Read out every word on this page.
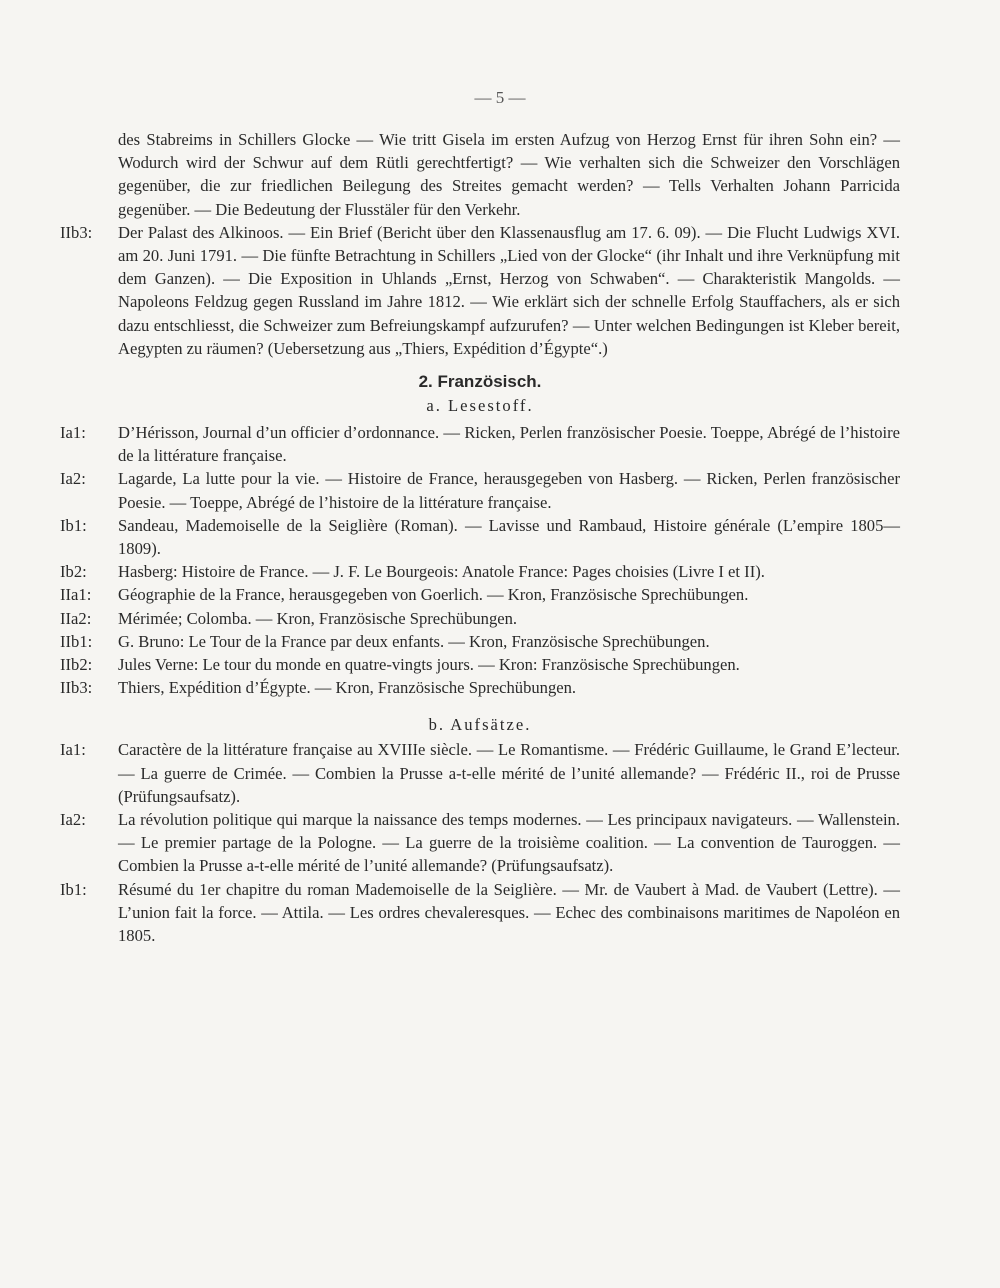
— 5 —
des Stabreims in Schillers Glocke — Wie tritt Gisela im ersten Aufzug von Herzog Ernst für ihren Sohn ein? — Wodurch wird der Schwur auf dem Rütli gerechtfertigt? — Wie verhalten sich die Schweizer den Vorschlägen gegenüber, die zur friedlichen Beilegung des Streites gemacht werden? — Tells Verhalten Johann Parricida gegenüber. — Die Bedeutung der Flusstäler für den Verkehr.
IIb3:	Der Palast des Alkinoos. — Ein Brief (Bericht über den Klassenausflug am 17. 6. 09). — Die Flucht Ludwigs XVI. am 20. Juni 1791. — Die fünfte Betrachtung in Schillers „Lied von der Glocke“ (ihr Inhalt und ihre Verknüpfung mit dem Ganzen). — Die Exposition in Uhlands „Ernst, Herzog von Schwaben“. — Charakteristik Mangolds. — Napoleons Feldzug gegen Russland im Jahre 1812. — Wie erklärt sich der schnelle Erfolg Stauffachers, als er sich dazu entschliesst, die Schweizer zum Befreiungskampf aufzurufen? — Unter welchen Bedingungen ist Kleber bereit, Aegypten zu räumen? (Uebersetzung aus „Thiers, Expédition d’Égypte“.)
2. Französisch.
a. Lesestoff.
Ia1:	D’Hérisson, Journal d’un officier d’ordonnance. — Ricken, Perlen französischer Poesie. Toeppe, Abrégé de l’histoire de la littérature française.
Ia2:	Lagarde, La lutte pour la vie. — Histoire de France, herausgegeben von Hasberg. — Ricken, Perlen französischer Poesie. — Toeppe, Abrégé de l’histoire de la littérature française.
Ib1:	Sandeau, Mademoiselle de la Seiglière (Roman). — Lavisse und Rambaud, Histoire générale (L’empire 1805—1809).
Ib2:	Hasberg: Histoire de France. — J. F. Le Bourgeois: Anatole France: Pages choisies (Livre I et II).
IIa1:	Géographie de la France, herausgegeben von Goerlich. — Kron, Französische Sprechübungen.
IIa2:	Mérimée; Colomba. — Kron, Französische Sprechübungen.
IIb1:	G. Bruno: Le Tour de la France par deux enfants. — Kron, Französische Sprechübungen.
IIb2:	Jules Verne: Le tour du monde en quatre-vingts jours. — Kron: Französische Sprechübungen.
IIb3:	Thiers, Expédition d’Égypte. — Kron, Französische Sprechübungen.
b. Aufsätze.
Ia1:	Caractère de la littérature française au XVIIIe siècle. — Le Romantisme. — Frédéric Guillaume, le Grand E’lecteur. — La guerre de Crimée. — Combien la Prusse a-t-elle mérité de l’unité allemande? — Frédéric II., roi de Prusse (Prüfungsaufsatz).
Ia2:	La révolution politique qui marque la naissance des temps modernes. — Les principaux navigateurs. — Wallenstein. — Le premier partage de la Pologne. — La guerre de la troisième coalition. — La convention de Tauroggen. — Combien la Prusse a-t-elle mérité de l’unité allemande? (Prüfungsaufsatz).
Ib1:	Résumé du 1er chapitre du roman Mademoiselle de la Seiglière. — Mr. de Vaubert à Mad. de Vaubert (Lettre). — L’union fait la force. — Attila. — Les ordres chevaleresques. — Echec des combinaisons maritimes de Napoléon en 1805.
